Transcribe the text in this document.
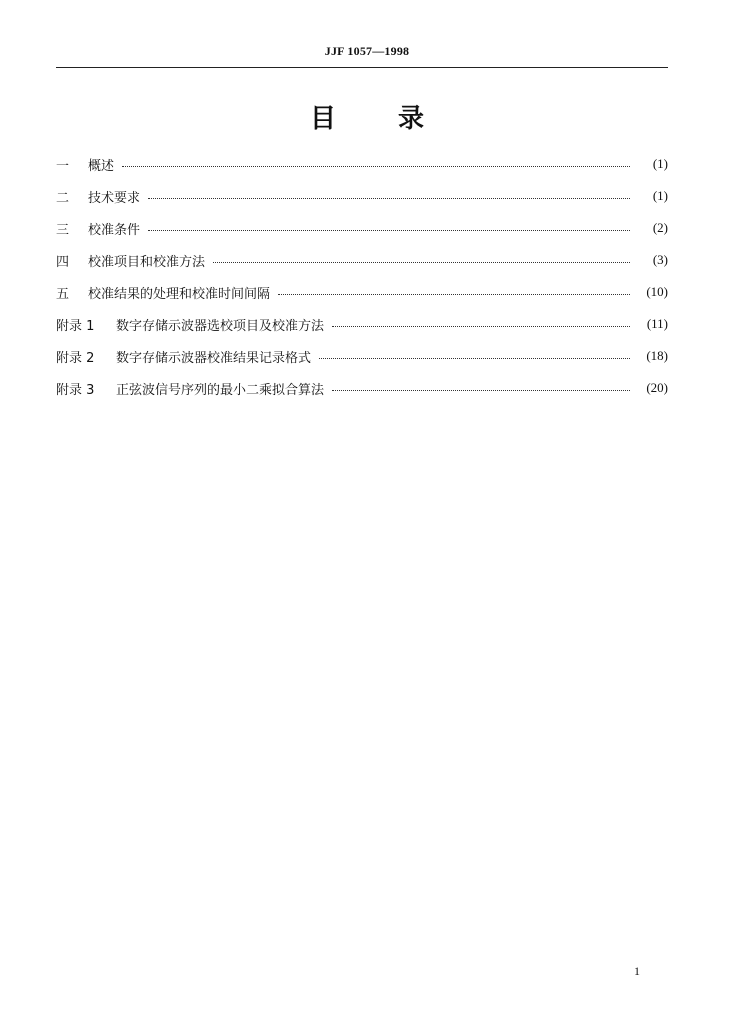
JJF 1057—1998
目 录
一	概述	(1)
二	技术要求	(1)
三	校准条件	(2)
四	校准项目和校准方法	(3)
五	校准结果的处理和校准时间间隔	(10)
附录 1	数字存储示波器选校项目及校准方法	(11)
附录 2	数字存储示波器校准结果记录格式	(18)
附录 3	正弦波信号序列的最小二乘拟合算法	(20)
1
